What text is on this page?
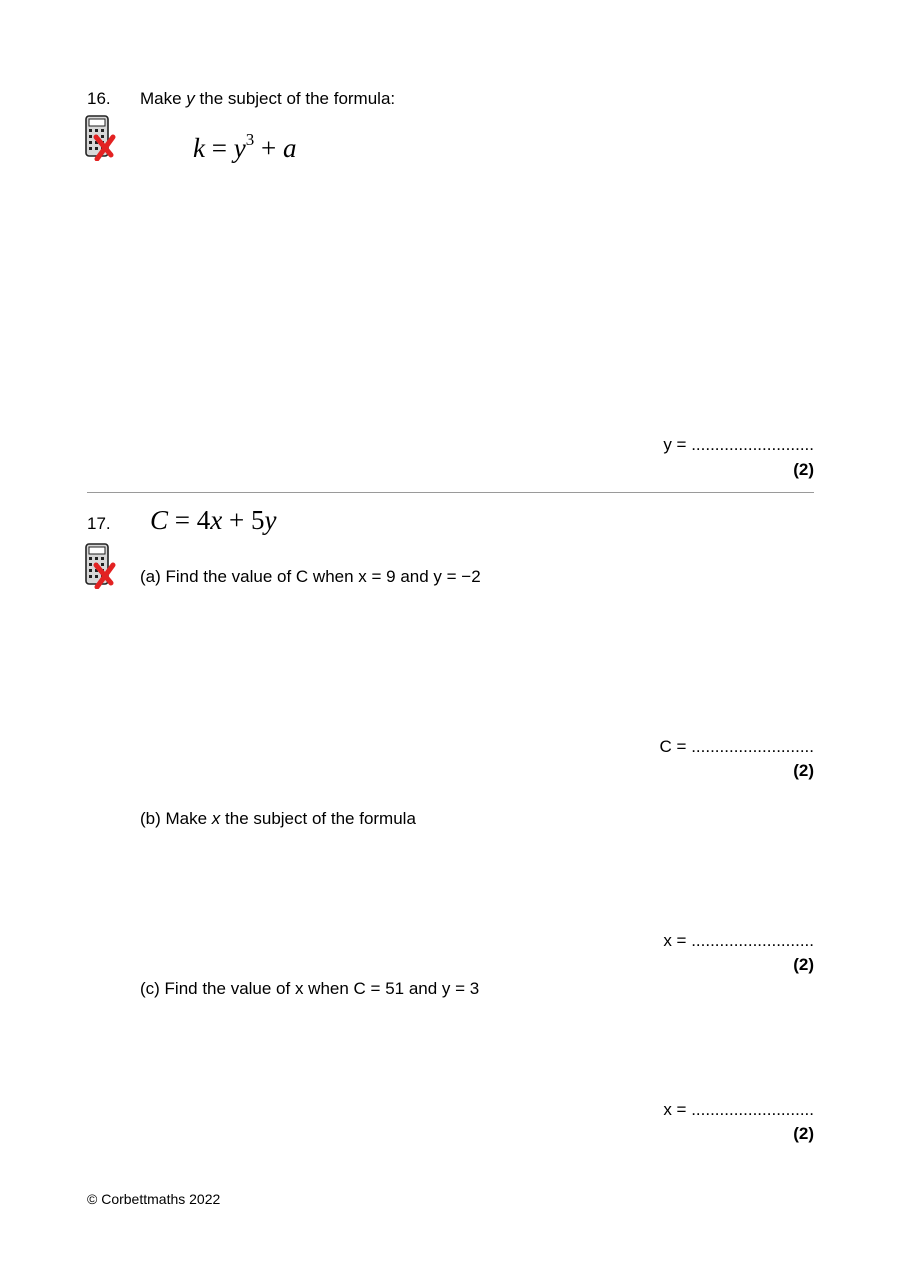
16. Make y the subject of the formula:
$k = y^3 + a$
y = ..........................
(2)
17. C = 4x + 5y
(a) Find the value of C when x = 9 and y = −2
C = ..........................
(2)
(b) Make x the subject of the formula
x = ..........................
(2)
(c) Find the value of x when C = 51 and y = 3
x = ..........................
(2)
© Corbettmaths 2022
